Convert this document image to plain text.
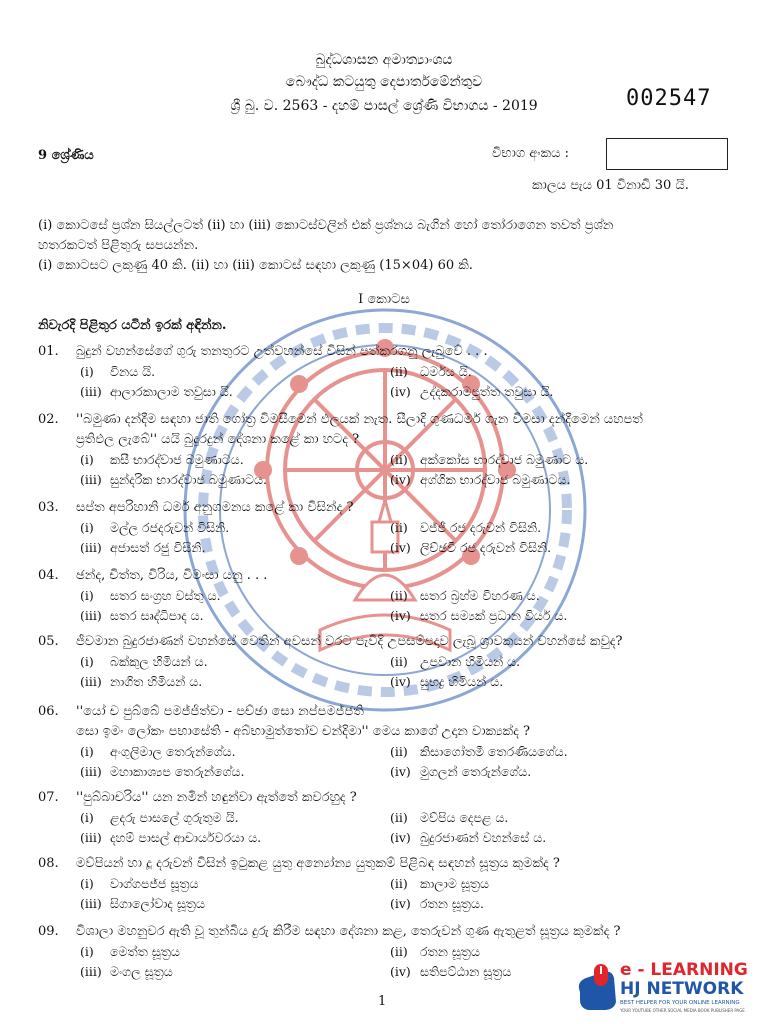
බුද්ධශාසන අමාත්‍යාංශය
බෞද්ධ කටයුතු දෙපාර්තමේන්තුව
ශ්‍රී බු. ව. 2563 - දහම් පාසල් ශ්‍රේණි විභාගය - 2019	002547
9 ශ්‍රේණිය	විභාග අංකය :
කාලය පැය 01 විනාඩි 30 යි.
(i) කොටසේ ප්‍රශ්න සියල්ලටත් (ii) හා (iii) කොටස්වලින් එක් ප්‍රශ්නය බැගින් හෝ තෝරාගෙන තවත් ප්‍රශ්න
හතරකටත් පිළිතුරු සපයන්න.
(i) කොටසට ලකුණු 40 කි. (ii) හා (iii) කොටස් සඳහා ලකුණු (15×04) 60 කි.
I කොටස
නිවැරදි පිළිතුර යටින් ඉරක් අඳින්න.
01. බුදුන් වහන්සේගේ ගුරු තනතුරට උත්වහන්සේ විසින් පත්කරගනු ලැබුවේ . . .
(i) විනය යි.	(ii) ධර්මය යි.
(iii) ආලාරකාලාම තවුසා යි.	(iv) උද්දකරාමපුත්ත තවුසා යි.
02. ''බමුණා දන්දීම සඳහා ජාති ගෝත්‍ර විමසීමෙන් ඵලයක් නැත. සීලාදි ගුණධර්ම ගැන විමසා දන්දීමෙන් යහපත්
ප්‍රතිඵල ලැබේ'' යයි බුදුරදුන් දේශනා කළේ කා හටද ?
(i) කසී භාරද්වාජ බමුණාටය.	(ii) අක්කෝස භාරද්වාජ බමුණාට ය.
(iii) සුන්දරික භාරද්වාජ බමුණාටය.	(iv) අග්ගික භාරද්වාජ බමුණාටය.
03. සප්ත අපරිහානි ධර්ම අනුගමනය කළේ කා විසින්ද ?
(i) මල්ල රජදරුවන් විසිනි.	(ii) වජ්ජී රජ දරුවන් විසිනි.
(iii) අජාසත් රජු විසිනි.	(iv) ලිච්ඡවී රජ දරුවන් විසිනි.
04. ඡන්ද, චිත්ත, විරිය, විමංසා යනු . . .
(i) සතර සංග්‍රහ වස්තු ය.	(ii) සතර බ්‍රහ්ම විහරණ ය.
(iii) සතර සෘද්ධිපාද ය.	(iv) සතර සම්‍යක් ප්‍රධාන විර්ය ය.
05. ජීවමාන බුදුරජාණන් වහන්සේ වෙතින් අවසන් වරට පැවිදි උපසම්පදාව ලැබූ ශ්‍රාවකයන් වහන්සේ කවුද?
(i) බක්කුල හිමියන් ය.	(ii) උපවාන හිමියන් ය.
(iii) නාගිත හිමියන් ය.	(iv) සුභද්‍ර හිමියන් ය.
06. ''යෝ ච පුබ්බේ පමජ්ජිත්වා - පච්ඡා සො නප්පමජ්ජති
සො ඉමං ලෝකං පභාසේති - අබ්භාමුත්තෝව චන්දිමා'' මෙය කාගේ උදාන වාක්‍යක්ද ?
(i) අංගුලිමාල තෙරුන්ගේය.	(ii) කිසාගෝතමී තෙරණියගේය.
(iii) මහාකාශ්‍යප තෙරුන්ගේය.	(iv) මුගලන් තෙරුන්ගේය.
07. ''පුබ්බාචරිය'' යන නමින් හඳුන්වා ඇත්තේ කවරහුද ?
(i) ළදරු පාසලේ ගුරුතුම යි.	(ii) මව්පිය දෙපළ ය.
(iii) දහම් පාසල් ආචාර්යවරයා ය.	(iv) බුදුරජාණන් වහන්සේ ය.
08. මව්පියන් හා දූ දරුවන් විසින් ඉටුකළ යුතු අන්‍යෝන්‍ය යුතුකම් පිළිබඳ සඳහන් සූත්‍රය කුමක්ද ?
(i) වාග්ගපජ්ජ සූත්‍රය	(ii) කාලාම සූත්‍රය
(iii) සිගාලෝවාද සූත්‍රය	(iv) රතන සූත්‍රය.
09. විශාලා මහනුවර ඇති වූ තුන්බිය දුරු කිරීම සඳහා දේශනා කළ, තෙරුවන් ගුණ ඇතුළත් සූත්‍රය කුමක්ද ?
(i) මෙත්ත සූත්‍රය	(ii) රතන සූත්‍රය
(iii) මංගල සූත්‍රය	(iv) සතිපට්ඨාන සූත්‍රය
1
e - LEARNING
HJ NETWORK
BEST HELPER FOR YOUR ONLINE LEARNING
YOUR YOUTUBE OTHER SOCIAL MEDIA BOOK PUBLISHER PAGE
